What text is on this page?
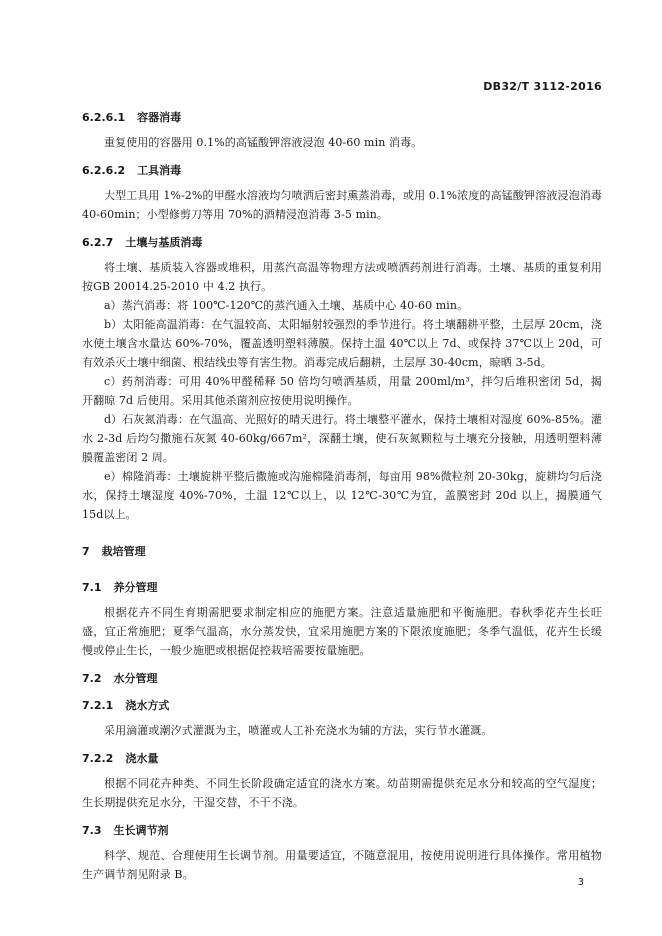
DB32/T 3112-2016
6.2.6.1 容器消毒

重复使用的容器用 0.1%的高锰酸钾溶液浸泡 40-60 min 消毒。

6.2.6.2 工具消毒

大型工具用 1%-2%的甲醛水溶液均匀喷洒后密封熏蒸消毒，或用 0.1%浓度的高锰酸钾溶液浸泡消毒 40-60min；小型修剪刀等用 70%的酒精浸泡消毒 3-5 min。

6.2.7 土壤与基质消毒

将土壤、基质装入容器或堆积，用蒸汽高温等物理方法或喷洒药剂进行消毒。土壤、基质的重复利用按GB 20014.25-2010 中 4.2 执行。

a）蒸汽消毒：将 100℃-120℃的蒸汽通入土壤、基质中心 40-60 min。

b）太阳能高温消毒：在气温较高、太阳辐射较强烈的季节进行。将土壤翻耕平整，土层厚 20cm，浇水使土壤含水量达 60%-70%，覆盖透明塑料薄膜。保持土温 40℃以上 7d、或保持 37℃以上 20d，可有效杀灭土壤中细菌、根结线虫等有害生物。消毒完成后翻耕，土层厚 30-40cm，晾晒 3-5d。

c）药剂消毒：可用 40%甲醛稀释 50 倍均匀喷洒基质，用量 200ml/m³，拌匀后堆积密闭 5d，揭开翻晾 7d 后使用。采用其他杀菌剂应按使用说明操作。

d）石灰氮消毒：在气温高、光照好的晴天进行。将土壤整平灌水，保持土壤相对湿度 60%-85%。灌水 2-3d 后均匀撒施石灰氮 40-60kg/667m²，深翻土壤，使石灰氮颗粒与土壤充分接触，用透明塑料薄膜覆盖密闭 2 周。

e）棉隆消毒：土壤旋耕平整后撒施或沟施棉隆消毒剂，每亩用 98%微粒剂 20-30kg，旋耕均匀后浇水，保持土壤湿度 40%-70%，土温 12℃以上，以 12℃-30℃为宜，盖膜密封 20d 以上，揭膜通气 15d以上。

7 栽培管理
7.1 养分管理

根据花卉不同生育期需肥要求制定相应的施肥方案。注意适量施肥和平衡施肥。春秋季花卉生长旺盛，宜正常施肥；夏季气温高，水分蒸发快，宜采用施肥方案的下限浓度施肥；冬季气温低，花卉生长缓慢或停止生长，一般少施肥或根据促控栽培需要按量施肥。

7.2 水分管理
7.2.1 浇水方式

采用滴灌或潮汐式灌溉为主，喷灌或人工补充浇水为辅的方法，实行节水灌溉。

7.2.2 浇水量

根据不同花卉种类、不同生长阶段确定适宜的浇水方案。幼苗期需提供充足水分和较高的空气湿度；生长期提供充足水分，干湿交替，不干不浇。

7.3 生长调节剂

科学、规范、合理使用生长调节剂。用量要适宜，不随意混用，按使用说明进行具体操作。常用植物生产调节剂见附录 B。

3
